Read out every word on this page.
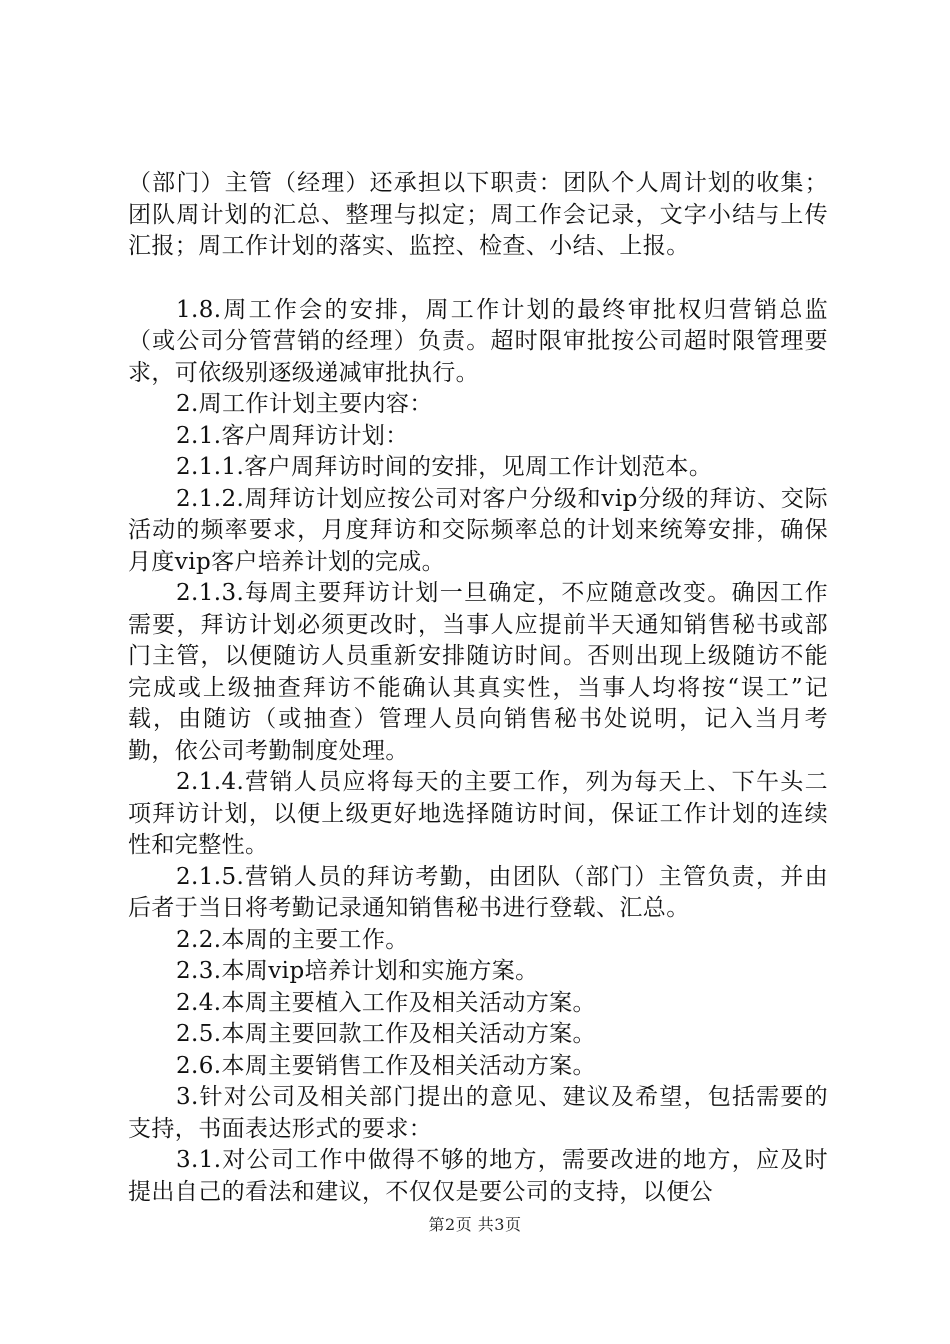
（部门）主管（经理）还承担以下职责：团队个人周计划的收集；团队周计划的汇总、整理与拟定；周工作会记录，文字小结与上传汇报；周工作计划的落实、监控、检查、小结、上报。

1.8.周工作会的安排，周工作计划的最终审批权归营销总监（或公司分管营销的经理）负责。超时限审批按公司超时限管理要求，可依级别逐级递减审批执行。

2.周工作计划主要内容：

2.1.客户周拜访计划：

2.1.1.客户周拜访时间的安排，见周工作计划范本。

2.1.2.周拜访计划应按公司对客户分级和vip分级的拜访、交际活动的频率要求，月度拜访和交际频率总的计划来统筹安排，确保月度vip客户培养计划的完成。

2.1.3.每周主要拜访计划一旦确定，不应随意改变。确因工作需要，拜访计划必须更改时，当事人应提前半天通知销售秘书或部门主管，以便随访人员重新安排随访时间。否则出现上级随访不能完成或上级抽查拜访不能确认其真实性，当事人均将按“误工”记载，由随访（或抽查）管理人员向销售秘书处说明，记入当月考勤，依公司考勤制度处理。

2.1.4.营销人员应将每天的主要工作，列为每天上、下午头二项拜访计划，以便上级更好地选择随访时间，保证工作计划的连续性和完整性。

2.1.5.营销人员的拜访考勤，由团队（部门）主管负责，并由后者于当日将考勤记录通知销售秘书进行登载、汇总。

2.2.本周的主要工作。

2.3.本周vip培养计划和实施方案。

2.4.本周主要植入工作及相关活动方案。

2.5.本周主要回款工作及相关活动方案。

2.6.本周主要销售工作及相关活动方案。

3.针对公司及相关部门提出的意见、建议及希望，包括需要的支持，书面表达形式的要求：

3.1.对公司工作中做得不够的地方，需要改进的地方，应及时提出自己的看法和建议，不仅仅是要公司的支持，以便公

第2页 共3页
